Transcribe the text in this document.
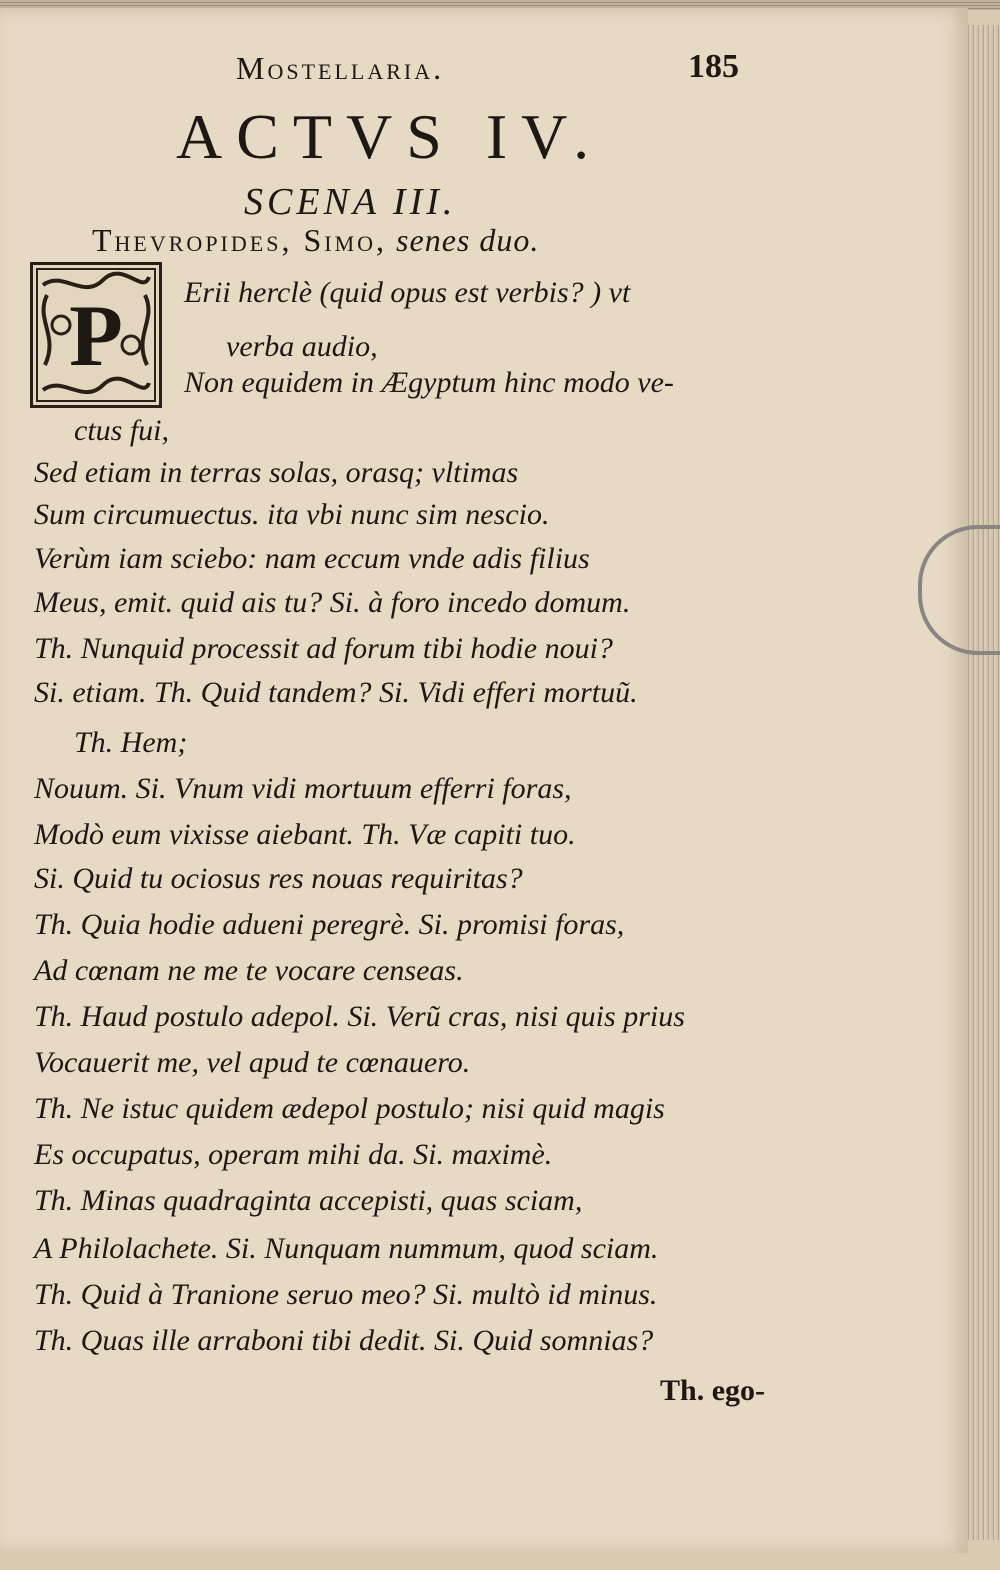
Mostellaria.	185
ACTVS IV.
SCENA III.
Thevropides, Simo, senes duo.
P Erii herclè (quid opus est verbis? ) vt
verba audio,
Non equidem in Ægyptum hinc modo ve-
ctus fui,
Sed etiam in terras solas, orasq; vltimas
Sum circumuectus. ita vbi nunc sim nescio.
Verùm iam sciebo: nam eccum vnde adis filius
Meus, emit. quid ais tu? Si. à foro incedo domum.
Th. Nunquid processit ad forum tibi hodie noui?
Si. etiam. Th. Quid tandem? Si. Vidi efferi mortuũ.
Th. Hem;
Nouum. Si. Vnum vidi mortuum efferri foras,
Modò eum vixisse aiebant. Th. Væ capiti tuo.
Si. Quid tu ociosus res nouas requiritas?
Th. Quia hodie adueni peregrè. Si. promisi foras,
Ad cœnam ne me te vocare censeas.
Th. Haud postulo adepol. Si. Verũ cras, nisi quis prius
Vocauerit me, vel apud te cœnauero.
Th. Ne istuc quidem ædepol postulo; nisi quid magis
Es occupatus, operam mihi da. Si. maximè.
Th. Minas quadraginta accepisti, quas sciam,
A Philolachete. Si. Nunquam nummum, quod sciam.
Th. Quid à Tranione seruo meo? Si. multò id minus.
Th. Quas ille arraboni tibi dedit. Si. Quid somnias?
Th. ego-
